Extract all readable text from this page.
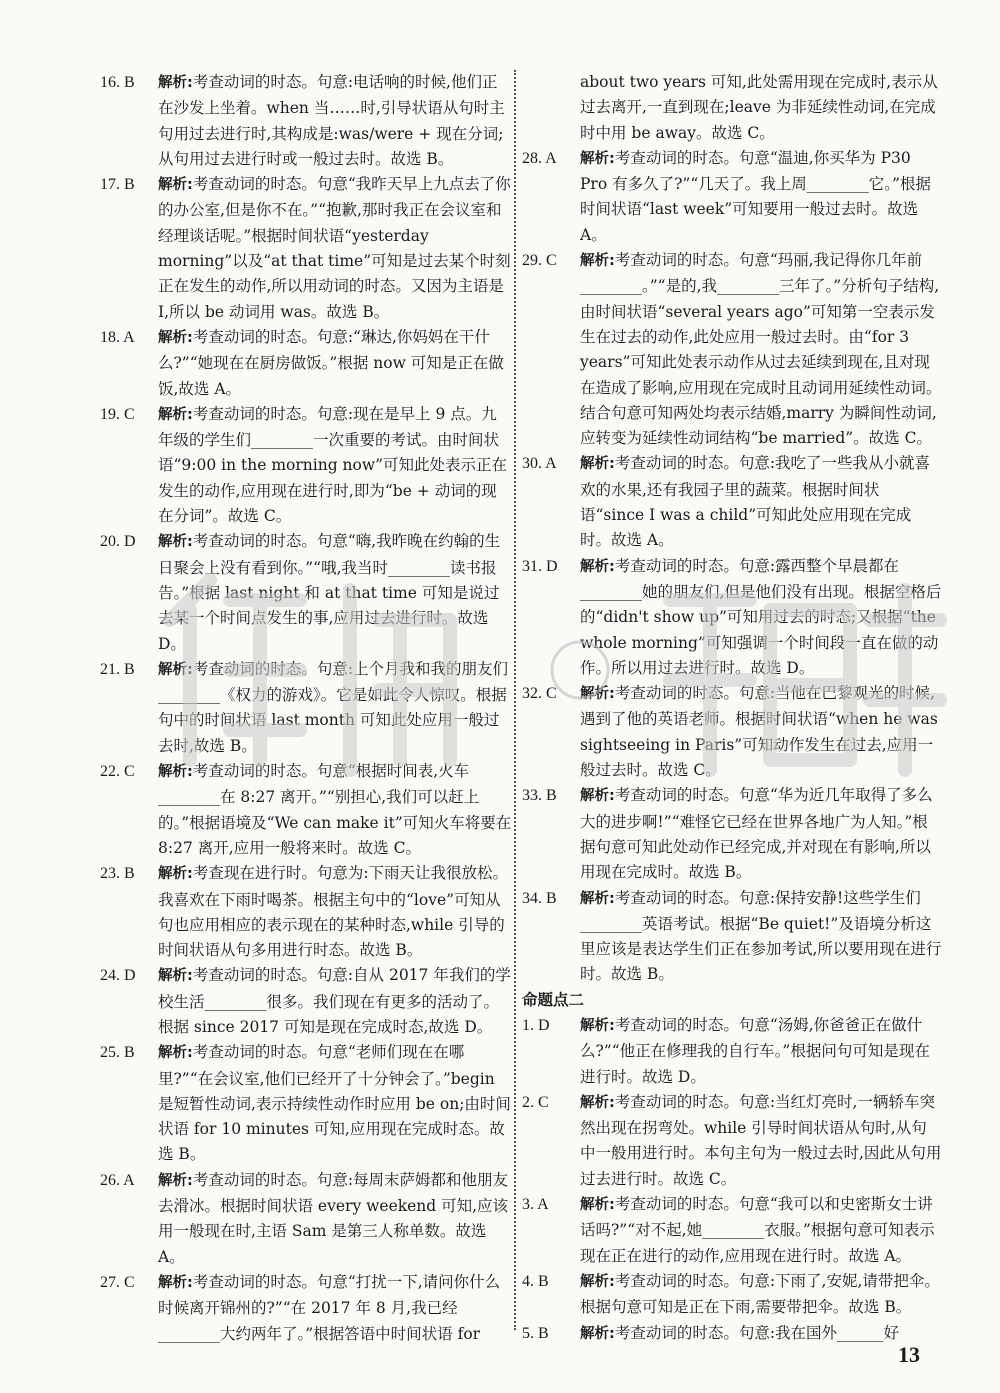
16. B 解析:考查动词的时态。句意:电话响的时候,他们正在沙发上坐着。when 当……时,引导状语从句时主句用过去进行时,其构成是:was/were + 现在分词;从句用过去进行时或一般过去时。故选 B。

17. B 解析:考查动词的时态。句意“我昨天早上九点去了你的办公室,但是你不在。”“抱歉,那时我正在会议室和经理谈话呢。”根据时间状语“yesterday morning”以及“at that time”可知是过去某个时刻正在发生的动作,所以用动词的时态。又因为主语是 I,所以 be 动词用 was。故选 B。

18. A 解析:考查动词的时态。句意:“琳达,你妈妈在干什么?”“她现在在厨房做饭。”根据 now 可知是正在做饭,故选 A。

19. C 解析:考查动词的时态。句意:现在是早上 9 点。九年级的学生们________一次重要的考试。由时间状语“9:00 in the morning now”可知此处表示正在发生的动作,应用现在进行时,即为“be + 动词的现在分词”。故选 C。

20. D 解析:考查动词的时态。句意“嗨,我昨晚在约翰的生日聚会上没有看到你。”“哦,我当时________读书报告。”根据 last night 和 at that time 可知是说过去某一个时间点发生的事,应用过去进行时。故选 D。

21. B 解析:考查动词的时态。句意:上个月我和我的朋友们________《权力的游戏》。它是如此令人惊叹。根据句中的时间状语 last month 可知此处应用一般过去时,故选 B。

22. C 解析:考查动词的时态。句意“根据时间表,火车________在 8:27 离开。”“别担心,我们可以赶上的。”根据语境及“We can make it”可知火车将要在 8:27 离开,应用一般将来时。故选 C。

23. B 解析:考查现在进行时。句意为:下雨天让我很放松。我喜欢在下雨时喝茶。根据主句中的“love”可知从句也应用相应的表示现在的某种时态,while 引导的时间状语从句多用进行时态。故选 B。

24. D 解析:考查动词的时态。句意:自从 2017 年我们的学校生活________很多。我们现在有更多的活动了。根据 since 2017 可知是现在完成时态,故选 D。

25. B 解析:考查动词的时态。句意“老师们现在在哪里?”“在会议室,他们已经开了十分钟会了。”begin 是短暂性动词,表示持续性动作时应用 be on;由时间状语 for 10 minutes 可知,应用现在完成时态。故选 B。

26. A 解析:考查动词的时态。句意:每周末萨姆都和他朋友去滑冰。根据时间状语 every weekend 可知,应该用一般现在时,主语 Sam 是第三人称单数。故选 A。

27. C 解析:考查动词的时态。句意“打扰一下,请问你什么时候离开锦州的?”“在 2017 年 8 月,我已经________大约两年了。”根据答语中时间状语 for

about two years 可知,此处需用现在完成时,表示从过去离开,一直到现在;leave 为非延续性动词,在完成时中用 be away。故选 C。

28. A 解析:考查动词的时态。句意“温迪,你买华为 P30 Pro 有多久了?”“几天了。我上周________它。”根据时间状语“last week”可知要用一般过去时。故选 A。

29. C 解析:考查动词的时态。句意“玛丽,我记得你几年前________。”“是的,我________三年了。”分析句子结构,由时间状语“several years ago”可知第一空表示发生在过去的动作,此处应用一般过去时。由“for 3 years”可知此处表示动作从过去延续到现在,且对现在造成了影响,应用现在完成时且动词用延续性动词。结合句意可知两处均表示结婚,marry 为瞬间性动词,应转变为延续性动词结构“be married”。故选 C。

30. A 解析:考查动词的时态。句意:我吃了一些我从小就喜欢的水果,还有我园子里的蔬菜。根据时间状语“since I was a child”可知此处应用现在完成时。故选 A。

31. D 解析:考查动词的时态。句意:露西整个早晨都在________她的朋友们,但是他们没有出现。根据空格后的“didn't show up”可知用过去的时态;又根据“the whole morning”可知强调一个时间段一直在做的动作。所以用过去进行时。故选 D。

32. C 解析:考查动词的时态。句意:当他在巴黎观光的时候,遇到了他的英语老师。根据时间状语“when he was sightseeing in Paris”可知动作发生在过去,应用一般过去时。故选 C。

33. B 解析:考查动词的时态。句意“华为近几年取得了多么大的进步啊!”“难怪它已经在世界各地广为人知。”根据句意可知此处动作已经完成,并对现在有影响,所以用现在完成时。故选 B。

34. B 解析:考查动词的时态。句意:保持安静!这些学生们________英语考试。根据“Be quiet!”及语境分析这里应该是表达学生们正在参加考试,所以要用现在进行时。故选 B。

命题点二

1. D 解析:考查动词的时态。句意“汤姆,你爸爸正在做什么?”“他正在修理我的自行车。”根据问句可知是现在进行时。故选 D。

2. C 解析:考查动词的时态。句意:当红灯亮时,一辆轿车突然出现在拐弯处。while 引导时间状语从句时,从句中一般用进行时。本句主句为一般过去时,因此从句用过去进行时。故选 C。

3. A 解析:考查动词的时态。句意“我可以和史密斯女士讲话吗?”“对不起,她________衣服。”根据句意可知表示现在正在进行的动作,应用现在进行时。故选 A。

4. B 解析:考查动词的时态。句意:下雨了,安妮,请带把伞。根据句意可知是正在下雨,需要带把伞。故选 B。

5. B 解析:考查动词的时态。句意:我在国外______好

13
